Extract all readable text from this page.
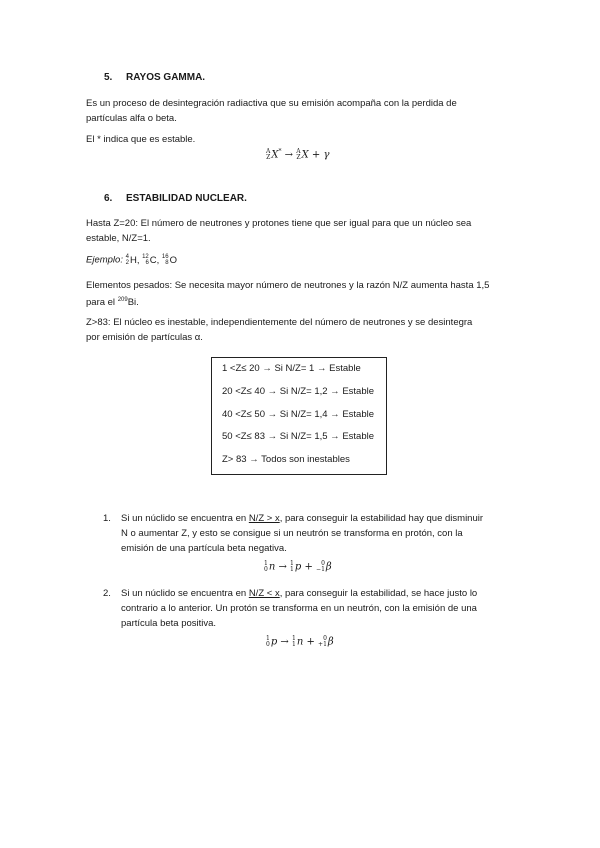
5. RAYOS GAMMA.
Es un proceso de desintegración radiactiva que su emisión acompaña con la perdida de
partículas alfa o beta.
El * indica que es estable.
A
Z X* → A
Z X + γ
6. ESTABILIDAD NUCLEAR.
Hasta Z=20: El número de neutrones y protones tiene que ser igual para que un núcleo sea
estable, N/Z=1.
Ejemplo: 4
2 H, 12
6 C, 16
8 O
Elementos pesados: Se necesita mayor número de neutrones y la razón N/Z aumenta hasta 1,5
para el $^{209}$Bi.
Z>83: El núcleo es inestable, independientemente del número de neutrones y se desintegra
por emisión de partículas α.
1 <Z≤ 20 → Si N/Z= 1 → Estable
20 <Z≤ 40 → Si N/Z= 1,2 → Estable
40 <Z≤ 50 → Si N/Z= 1,4 → Estable
50 <Z≤ 83 → Si N/Z= 1,5 → Estable
Z> 83 → Todos son inestables
1. Si un núclido se encuentra en N/Z > x, para conseguir la estabilidad hay que disminuir
N o aumentar Z, y esto se consigue si un neutrón se transforma en protón, con la
emisión de una partícula beta negativa.
1
0 n → 1
1 p +	0
−1 β
2. Si un núclido se encuentra en N/Z < x, para conseguir la estabilidad, se hace justo lo
contrario a lo anterior. Un protón se transforma en un neutrón, con la emisión de una
partícula beta positiva.
1
0 p → 1
1 n +	0
+1 β
